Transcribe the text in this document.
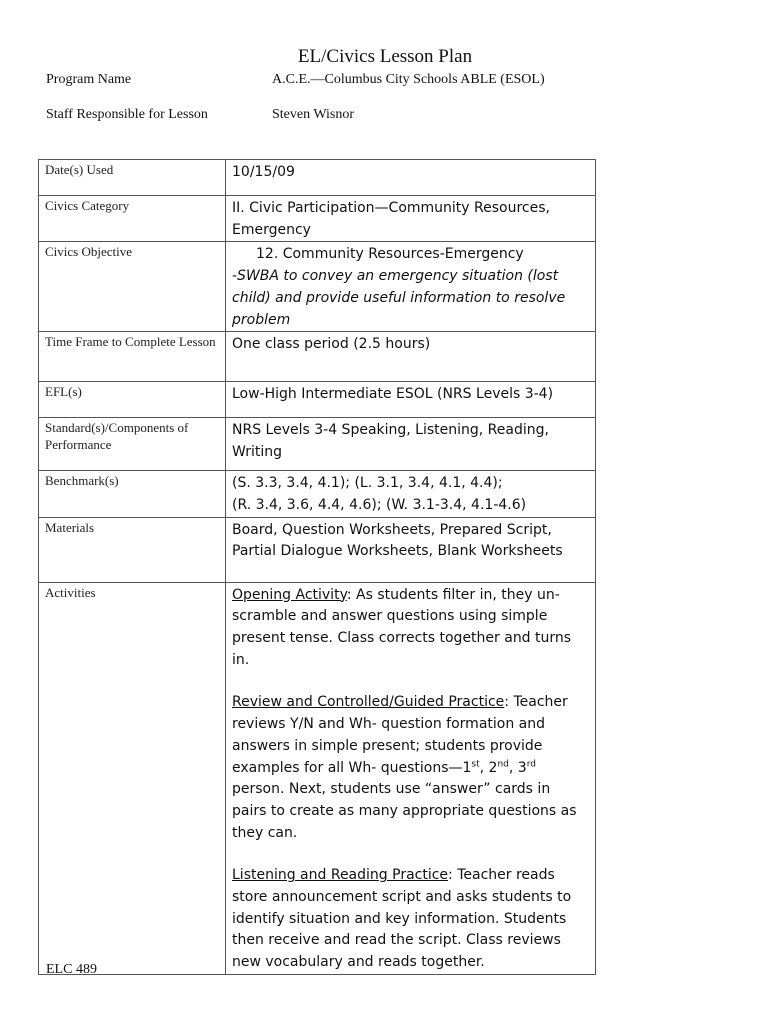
EL/Civics Lesson Plan
Program Name	A.C.E.—Columbus City Schools ABLE (ESOL)
Staff Responsible for Lesson	Steven Wisnor
Date(s) Used	10/15/09
Civics Category	II. Civic Participation—Community Resources, Emergency
Civics Objective	12. Community Resources-Emergency
-SWBA to convey an emergency situation (lost child) and provide useful information to resolve problem

Time Frame to Complete Lesson	One class period (2.5 hours)
EFL(s)	Low-High Intermediate ESOL (NRS Levels 3-4)
Standard(s)/Components of Performance	NRS Levels 3-4 Speaking, Listening, Reading, Writing
Benchmark(s)	(S. 3.3, 3.4, 4.1); (L. 3.1, 3.4, 4.1, 4.4);
(R. 3.4, 3.6, 4.4, 4.6); (W. 3.1-3.4, 4.1-4.6)

Materials	Board, Question Worksheets, Prepared Script, Partial Dialogue Worksheets, Blank Worksheets
Activities	Opening Activity: As students filter in, they un-scramble and answer questions using simple present tense. Class corrects together and turns in.

Review and Controlled/Guided Practice: Teacher reviews Y/N and Wh- question formation and answers in simple present; students provide examples for all Wh- questions—1st, 2nd, 3rd person. Next, students use “answer” cards in pairs to create as many appropriate questions as they can.

Listening and Reading Practice: Teacher reads store announcement script and asks students to identify situation and key information. Students then receive and read the script. Class reviews new vocabulary and reads together.

ELC 489
